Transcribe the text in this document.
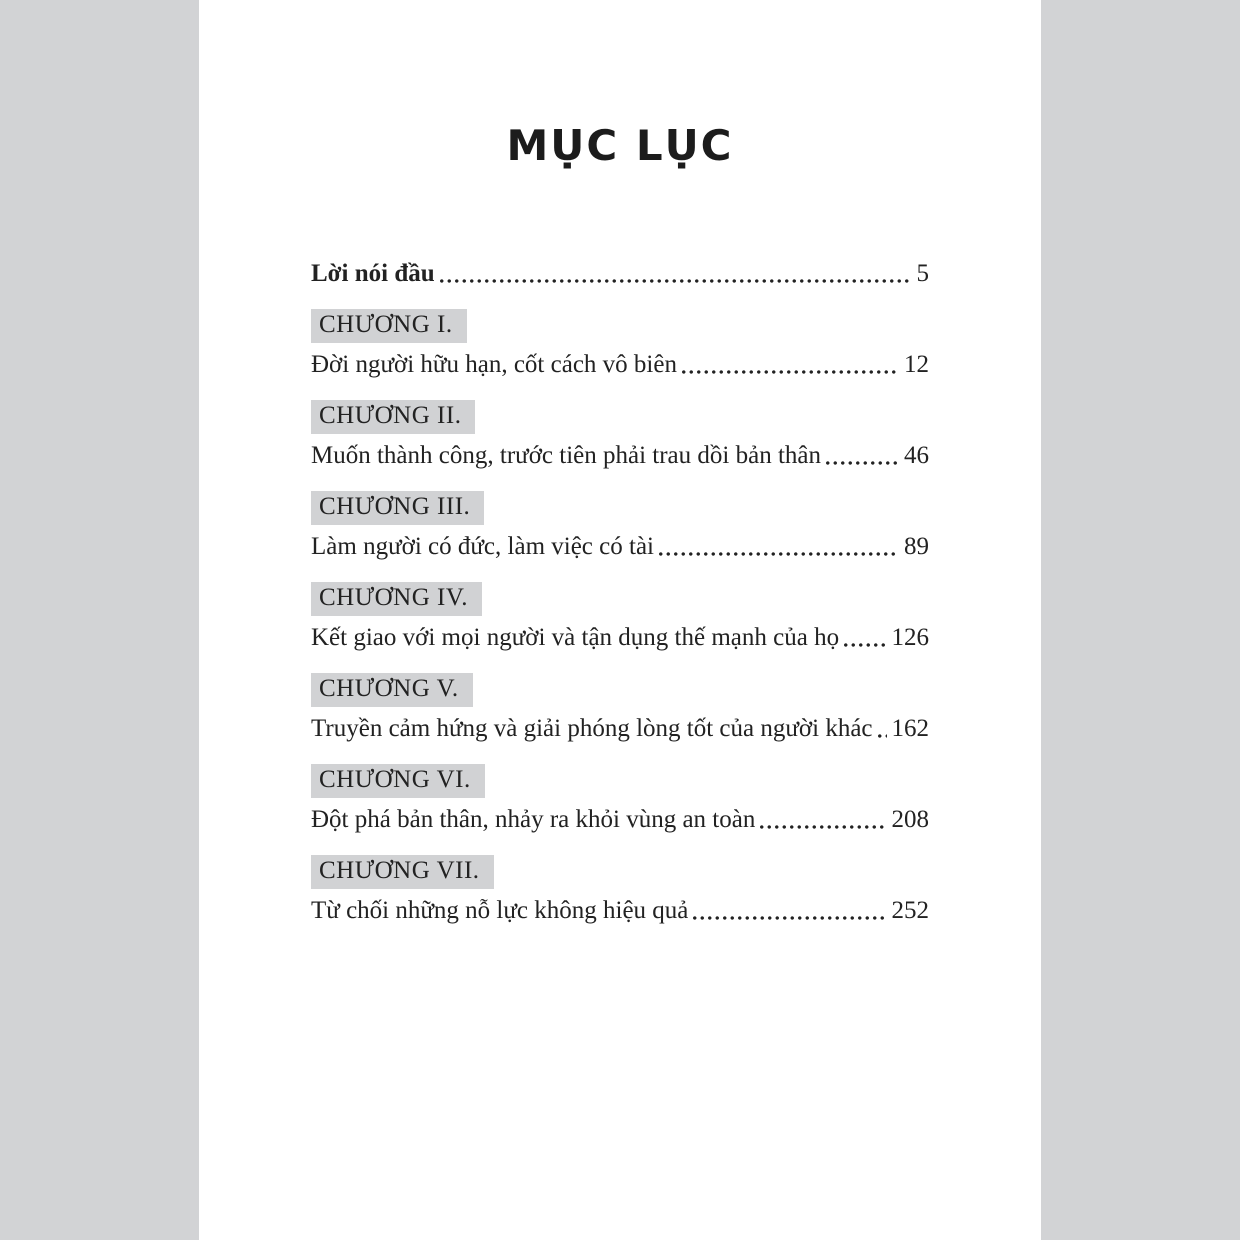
MỤC LỤC
Lời nói đầu	5
CHƯƠNG I.
Đời người hữu hạn, cốt cách vô biên	12
CHƯƠNG II.
Muốn thành công, trước tiên phải trau dồi bản thân	46
CHƯƠNG III.
Làm người có đức, làm việc có tài	89
CHƯƠNG IV.
Kết giao với mọi người và tận dụng thế mạnh của họ 126
CHƯƠNG V.
Truyền cảm hứng và giải phóng lòng tốt của người khác 162
CHƯƠNG VI.
Đột phá bản thân, nhảy ra khỏi vùng an toàn	208
CHƯƠNG VII.
Từ chối những nỗ lực không hiệu quả	252
